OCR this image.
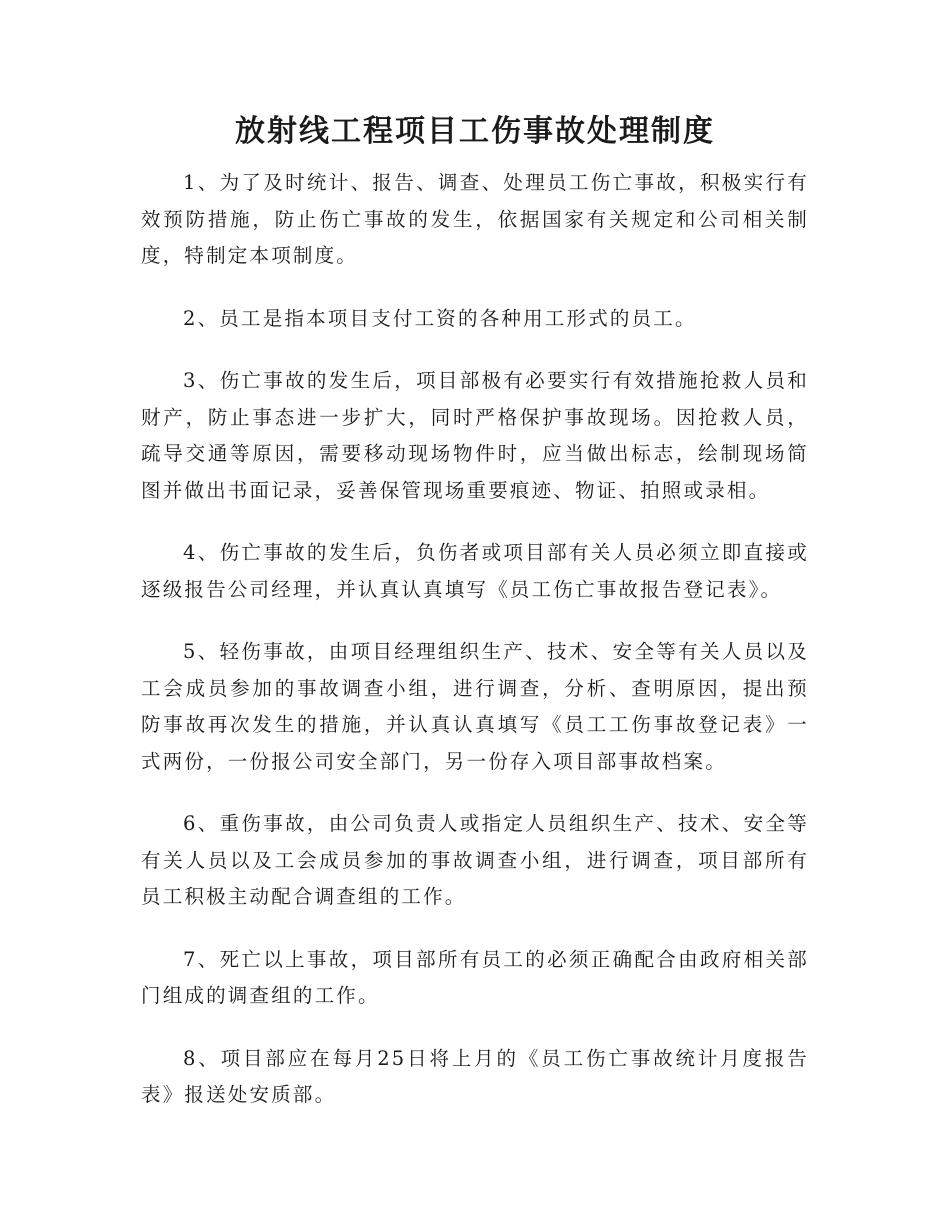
放射线工程项目工伤事故处理制度

1、为了及时统计、报告、调查、处理员工伤亡事故，积极实行有效预防措施，防止伤亡事故的发生，依据国家有关规定和公司相关制度，特制定本项制度。

2、员工是指本项目支付工资的各种用工形式的员工。

3、伤亡事故的发生后，项目部极有必要实行有效措施抢救人员和财产，防止事态进一步扩大，同时严格保护事故现场。因抢救人员，疏导交通等原因，需要移动现场物件时，应当做出标志，绘制现场简图并做出书面记录，妥善保管现场重要痕迹、物证、拍照或录相。

4、伤亡事故的发生后，负伤者或项目部有关人员必须立即直接或逐级报告公司经理，并认真认真填写《员工伤亡事故报告登记表》。

5、轻伤事故，由项目经理组织生产、技术、安全等有关人员以及工会成员参加的事故调查小组，进行调查，分析、查明原因，提出预防事故再次发生的措施，并认真认真填写《员工工伤事故登记表》一式两份，一份报公司安全部门，另一份存入项目部事故档案。

6、重伤事故，由公司负责人或指定人员组织生产、技术、安全等有关人员以及工会成员参加的事故调查小组，进行调查，项目部所有员工积极主动配合调查组的工作。

7、死亡以上事故，项目部所有员工的必须正确配合由政府相关部门组成的调查组的工作。

8、项目部应在每月25日将上月的《员工伤亡事故统计月度报告表》报送处安质部。
